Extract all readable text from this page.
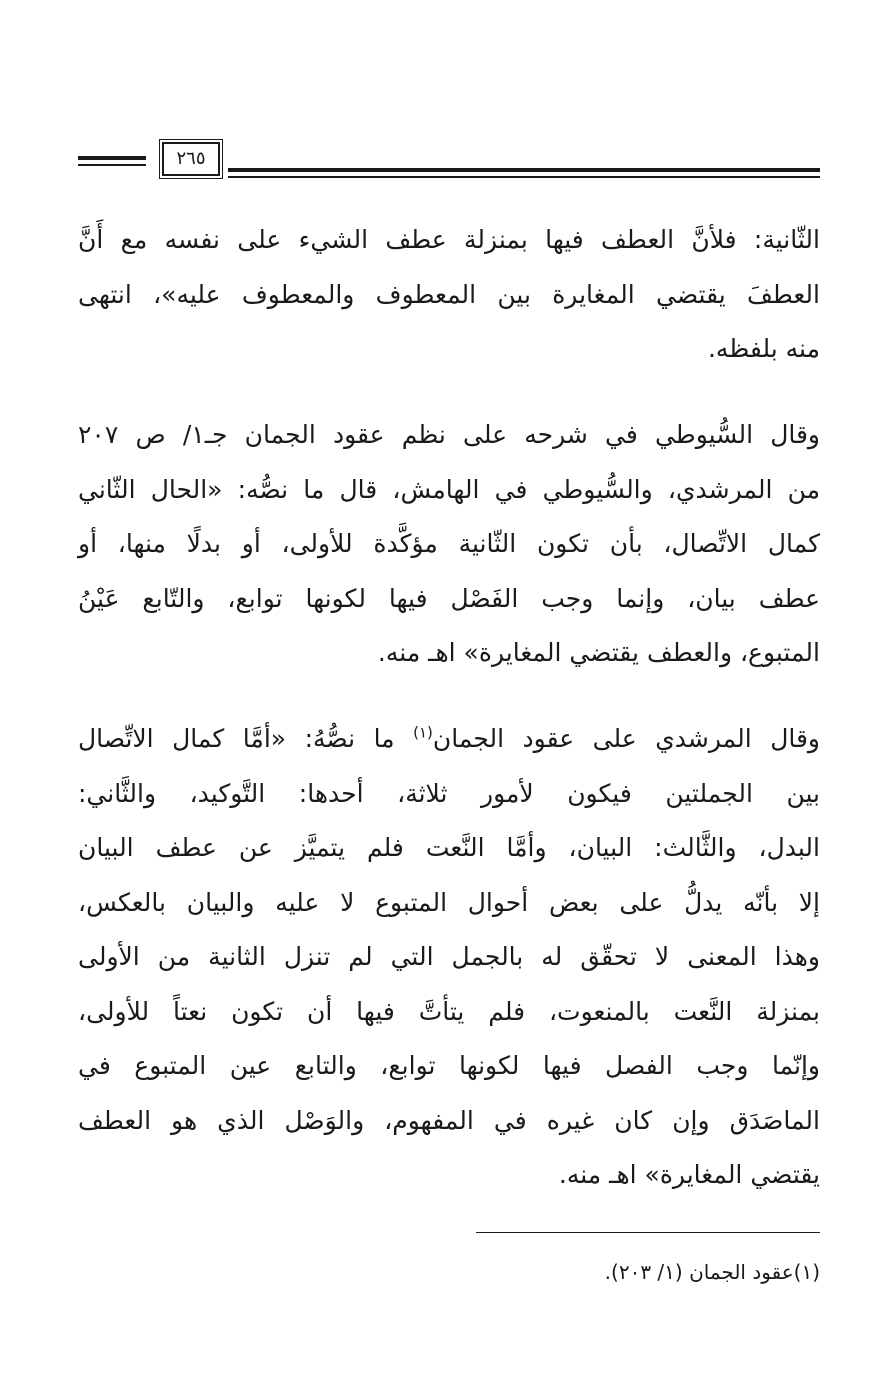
٢٦٥
الثّانية: فلأنَّ العطف فيها بمنزلة عطف الشيء على نفسه مع أَنَّ
العطفَ يقتضي المغايرة بين المعطوف والمعطوف عليه»، انتهى
منه بلفظه.
وقال السُّيوطي في شرحه على نظم عقود الجمان جـ١/ ص ٢٠٧
من المرشدي، والسُّيوطي في الهامش، قال ما نصُّه: «الحال الثّاني
كمال الاتِّصال، بأن تكون الثّانية مؤكَّدة للأولى، أو بدلًا منها، أو
عطف بيان، وإنما وجب الفَصْل فيها لكونها توابع، والتّابع عَيْنُ
المتبوع، والعطف يقتضي المغايرة» اهـ منه.
وقال المرشدي على عقود الجمان$^{(١)}$ ما نصُّهُ: «أمَّا كمال الاتِّصال
بين الجملتين فيكون لأمور ثلاثة، أحدها: التَّوكيد، والثَّاني:
البدل، والثَّالث: البيان، وأمَّا النَّعت فلم يتميَّز عن عطف البيان
إلا بأنّه يدلُّ على بعض أحوال المتبوع لا عليه والبيان بالعكس،
وهذا المعنى لا تحقّق له بالجمل التي لم تنزل الثانية من الأولى
بمنزلة النَّعت بالمنعوت، فلم يتأتَّ فيها أن تكون نعتاً للأولى،
وإنّما وجب الفصل فيها لكونها توابع، والتابع عين المتبوع في
الماصَدَق وإن كان غيره في المفهوم، والوَصْل الذي هو العطف
يقتضي المغايرة» اهـ منه.
(١)عقود الجمان (١/ ٢٠٣).
